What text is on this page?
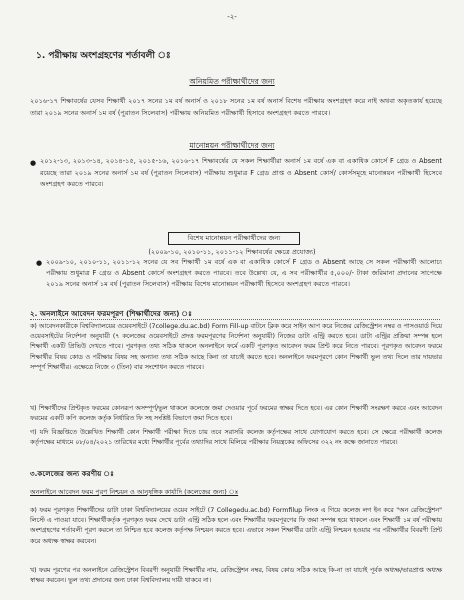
-২-
১. পরীক্ষায় অংশগ্রহণের শর্তাবলী ঃ
অনিয়মিত পরীক্ষার্থীদের জন্য

২০১৬-১৭ শিক্ষাবর্ষের যেসব শিক্ষার্থী ২০১৭ সনের ১ম বর্ষ অনার্স ও ২০১৮ সনের ১ম বর্ষ অনার্স বিশেষ পরীক্ষায় অংশগ্রহণ করে নাই অথবা অকৃতকার্য হয়েছে তারা ২০১৯ সনের অনার্স ১ম বর্ষ (পুরাতন সিলেবাস) পরীক্ষায় অনিয়মিত পরীক্ষার্থী হিসাবে অংশগ্রহণ করতে পারবে।

মানোন্নয়ন পরীক্ষার্থীদের জন্য
● ২০১২-১৩, ২০১৩-১৪, ২০১৪-১৫, ২০১৫-১৬, ২০১৬-১৭ শিক্ষাবর্ষের যে সকল শিক্ষার্থীরা অনার্স ১ম বর্ষে এক বা একাধিক কোর্সে F গ্রেড ও Absent রয়েছে তারা ২০১৯ সনের অনার্স ১ম বর্ষ (পুরাতন সিলেবাস) পরীক্ষায় শুধুমাত্র F গ্রেড প্রাপ্ত ও Absent কোর্স/ কোর্সসমূহে মানোন্নয়ন পরীক্ষার্থী হিসেবে অংশগ্রহণ করতে পারবে।

বিশেষ মানোন্নয়ন পরীক্ষার্থীদের জন্য
(২০০৯-১০, ২০১০-১১, ২০১১-১২ শিক্ষাবর্ষের ক্ষেত্রে প্রযোজ্য)
● ২০০৯-১০, ২০১০-১১, ২০১১-১২ সনের যে সব শিক্ষার্থী ১ম বর্ষে এক বা একাধিক কোর্সে F গ্রেড ও Absent আছে সে সকল পরীক্ষার্থী আলোচ্য পরীক্ষায় শুধুমাত্র F গ্রেড ও Absent কোর্সে অংশগ্রহণ করতে পারবে। তবে উল্লেখ্য যে, এ সব পরীক্ষার্থীর ৫,০০০/- টাকা জরিমানা প্রদানের সাপেক্ষে ২০১৯ সনের অনার্স ১ম বর্ষ (পুরাতন সিলেবাস) পরীক্ষায় বিশেষ মানোন্নয়ন পরীক্ষার্থী হিসেবে অংশগ্রহণ করতে পারবে।

২. অনলাইনে আবেদন ফরমপূরণ (শিক্ষার্থীদের জন্য) ঃ

ক) আবেদনকারীকে বিশ্ববিদ্যালয়ের ওয়েবসাইটে (7college.du.ac.bd) Form Fill-up বাটনে ক্লিক করে সাইন আপ করে নিজের রেজিস্ট্রেশন নম্বর ও পাসওয়ার্ড দিয়ে ওয়েবসাইটের নির্দেশনা অনুযায়ী (৭ কলেজের ওয়েবসাইটে প্রদত্ত ফরমপূরণের নির্দেশনা অনুযায়ী) নিজের ডাটা এন্ট্রি করতে হবে। ডাটা এন্ট্রির প্রক্রিয়া সম্পন্ন হলে শিক্ষার্থী একটি প্রিভিউ দেখতে পাবে। পূরণকৃত তথ্য সঠিক থাকলে অনলাইনে ফর্মে একটি পূরণকৃত আবেদন ফরম প্রিন্ট করে নিতে পারবে। পূরণকৃত আবেদন ফরমে শিক্ষার্থীর বিষয় কোড ও পরীক্ষার বিষয় সহ অন্যান্য তথ্য সঠিক আছে কিনা তা যাচাই করতে হবে। অনলাইনে ফরমপূরণে কোন শিক্ষার্থী ভুল তথ্য দিলে তার দায়ভার সম্পূর্ণ শিক্ষার্থীর। এক্ষেত্রে নিজে ৩ (তিন) বার সংশোধন করতে পারবে।

খ) শিক্ষার্থীদের প্রিন্টকৃত ফরমের কোনরূপ অসম্পূর্ণ/ভুল থাকলে কলেজে জমা দেওয়ার পূর্বে ফরমের স্বাক্ষর দিতে হবে। এর কোন শিক্ষার্থী সংরক্ষণ করবে এবং আবেদন ফরমের একটি কপি কলেজ কর্তৃক নির্ধারিত ফি সহ সংশ্লিষ্ট বিভাগে জমা দিতে হবে।

গ) যদি বিজ্ঞপ্তিতে উল্লেখিত শিক্ষার্থী কোন শিক্ষার্থী পরীক্ষা দিতে চায় তবে সরাসরি কলেজ কর্তৃপক্ষের সাথে যোগাযোগ করতে হবে। সে ক্ষেত্রে পরীক্ষার্থী কলেজ কর্তৃপক্ষের মাধ্যমে ০৮/০৪/২০২১ তারিখের মধ্যে শিক্ষার্থীর পূর্বের তথ্যাদির সাথে মিলিয়ে পরীক্ষার নিয়ন্ত্রকের অফিসের ৩২২ নং কক্ষে জানাতে পারবে।

৩.কলেজের জন্য করণীয় ঃ
অনলাইনে আবেদন ফরম পূরণ নিশ্চয়ন ও আনুষঙ্গিক কার্যাদি (কলেজের জন্য) ঃ

ক) ফরম পূরণকৃত শিক্ষার্থীদের ডাটা ঢাকা বিশ্ববিদ্যালয়ের ওয়েব সাইটে (7 Collegedu.ac.bd) Formfilup লিংক এ গিয়ে কলেজ লগ ইন করে "অন রেজিস্ট্রেশন" লিস্টে এ পাওয়া যাবে। শিক্ষার্থীকর্তৃক পূরণকৃত ফরম দেখে ডাটা এন্ট্রি সঠিক হলে এবং শিক্ষার্থীর ফরমপূরণের ফি জমা সম্পন্ন হয়ে থাকলে এবং শিক্ষার্থী ১ম বর্ষ পরীক্ষায় অংশগ্রহণের শর্তাবলী পূরণ করলে তা নিশ্চিত হবে কলেজ কর্তৃপক্ষ নিশ্চয়ন করতে হবে। এভাবে সকল শিক্ষার্থীর ডাটা এন্ট্রি নিশ্চয়ন হওয়ার পর পরীক্ষার্থীর বিবরণী প্রিন্ট করে অধ্যক্ষ স্বাক্ষর করবেন।

খ) ফরম পূরণের পর অনলাইনে রেজিস্ট্রেশন বিবরণী অনুযায়ী শিক্ষার্থীর নাম, রেজিস্ট্রেশন নম্বর, বিষয় কোড সঠিক আছে কি-না তা যাচাই পূর্বক অধ্যক্ষ/ভারপ্রাপ্ত অধ্যক্ষ স্বাক্ষর করবেন। ভুল তথ্য প্রদানের জন্য ঢাকা বিশ্ববিদ্যালয় দায়ী থাকবে না।
